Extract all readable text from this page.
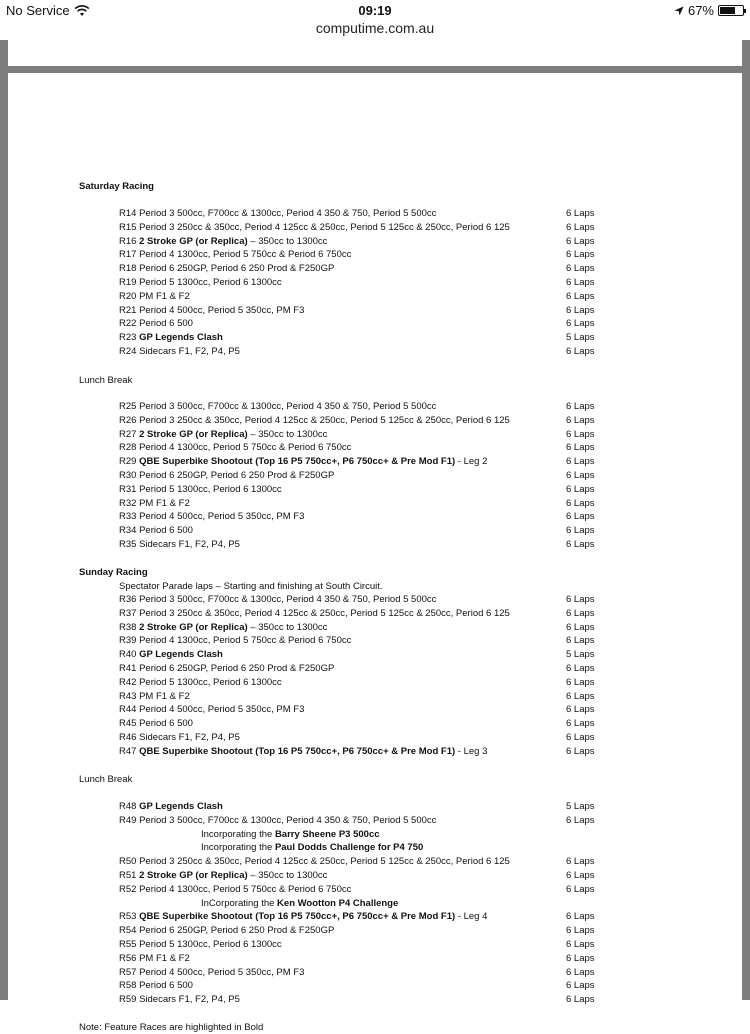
No Service	09:19	67%
computime.com.au
Saturday Racing
6 Laps
R14 Period 3 500cc, F700cc & 1300cc, Period 4 350 & 750, Period 5 500cc
6 Laps
R15 Period 3 250cc & 350cc, Period 4 125cc & 250cc, Period 5 125cc & 250cc, Period 6 125
6 Laps
R16 2 Stroke GP (or Replica) – 350cc to 1300cc
6 Laps
R17 Period 4 1300cc, Period 5 750cc & Period 6 750cc
6 Laps
R18 Period 6 250GP, Period 6 250 Prod & F250GP
6 Laps
R19 Period 5 1300cc, Period 6 1300cc
6 Laps
R20 PM F1 & F2
6 Laps
R21 Period 4 500cc, Period 5 350cc, PM F3
6 Laps
R22 Period 6 500
5 Laps
R23 GP Legends Clash
6 Laps
R24 Sidecars F1, F2, P4, P5
Lunch Break
6 Laps
R25 Period 3 500cc, F700cc & 1300cc, Period 4 350 & 750, Period 5 500cc
6 Laps
R26 Period 3 250cc & 350cc, Period 4 125cc & 250cc, Period 5 125cc & 250cc, Period 6 125
6 Laps
R27 2 Stroke GP (or Replica) – 350cc to 1300cc
6 Laps
R28 Period 4 1300cc, Period 5 750cc & Period 6 750cc
6 Laps
R29 QBE Superbike Shootout (Top 16 P5 750cc+, P6 750cc+ & Pre Mod F1) - Leg 2
6 Laps
R30 Period 6 250GP, Period 6 250 Prod & F250GP
6 Laps
R31 Period 5 1300cc, Period 6 1300cc
6 Laps
R32 PM F1 & F2
6 Laps
R33 Period 4 500cc, Period 5 350cc, PM F3
6 Laps
R34 Period 6 500
6 Laps
R35 Sidecars F1, F2, P4, P5
Sunday Racing
Spectator Parade laps – Starting and finishing at South Circuit.
6 Laps
R36 Period 3 500cc, F700cc & 1300cc, Period 4 350 & 750, Period 5 500cc
6 Laps
R37 Period 3 250cc & 350cc, Period 4 125cc & 250cc, Period 5 125cc & 250cc, Period 6 125
6 Laps
R38 2 Stroke GP (or Replica) – 350cc to 1300cc
6 Laps
R39 Period 4 1300cc, Period 5 750cc & Period 6 750cc
5 Laps
R40 GP Legends Clash
6 Laps
R41 Period 6 250GP, Period 6 250 Prod & F250GP
6 Laps
R42 Period 5 1300cc, Period 6 1300cc
6 Laps
R43 PM F1 & F2
6 Laps
R44 Period 4 500cc, Period 5 350cc, PM F3
6 Laps
R45 Period 6 500
6 Laps
R46 Sidecars F1, F2, P4, P5
6 Laps
R47 QBE Superbike Shootout (Top 16 P5 750cc+, P6 750cc+ & Pre Mod F1) - Leg 3
Lunch Break
5 Laps
R48 GP Legends Clash
6 Laps
R49 Period 3 500cc, F700cc & 1300cc, Period 4 350 & 750, Period 5 500cc
Incorporating the Barry Sheene P3 500cc
Incorporating the Paul Dodds Challenge for P4 750
6 Laps
R50 Period 3 250cc & 350cc, Period 4 125cc & 250cc, Period 5 125cc & 250cc, Period 6 125
6 Laps
R51 2 Stroke GP (or Replica) – 350cc to 1300cc
6 Laps
R52 Period 4 1300cc, Period 5 750cc & Period 6 750cc
InCorporating the Ken Wootton P4 Challenge
6 Laps
R53 QBE Superbike Shootout (Top 16 P5 750cc+, P6 750cc+ & Pre Mod F1) - Leg 4
6 Laps
R54 Period 6 250GP, Period 6 250 Prod & F250GP
6 Laps
R55 Period 5 1300cc, Period 6 1300cc
6 Laps
R56 PM F1 & F2
6 Laps
R57 Period 4 500cc, Period 5 350cc, PM F3
6 Laps
R58 Period 6 500
6 Laps
R59 Sidecars F1, F2, P4, P5
Note: Feature Races are highlighted in Bold
